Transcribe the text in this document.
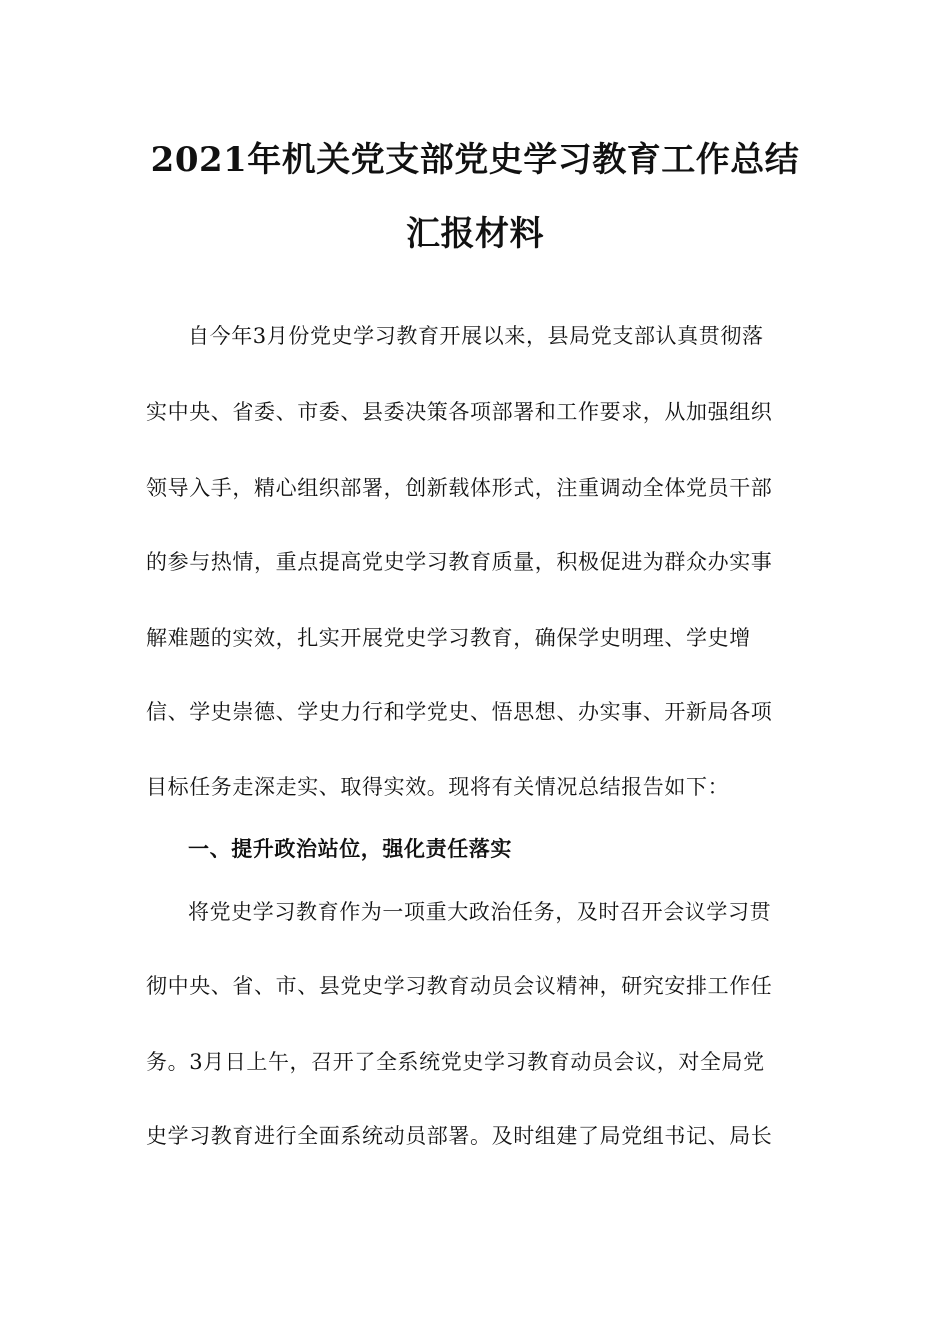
2021年机关党支部党史学习教育工作总结
汇报材料
自今年3月份党史学习教育开展以来，县局党支部认真贯彻落
实中央、省委、市委、县委决策各项部署和工作要求，从加强组织
领导入手，精心组织部署，创新载体形式，注重调动全体党员干部
的参与热情，重点提高党史学习教育质量，积极促进为群众办实事
解难题的实效，扎实开展党史学习教育，确保学史明理、学史增
信、学史崇德、学史力行和学党史、悟思想、办实事、开新局各项
目标任务走深走实、取得实效。现将有关情况总结报告如下：
一、提升政治站位，强化责任落实
将党史学习教育作为一项重大政治任务，及时召开会议学习贯
彻中央、省、市、县党史学习教育动员会议精神，研究安排工作任
务。3月日上午，召开了全系统党史学习教育动员会议，对全局党
史学习教育进行全面系统动员部署。及时组建了局党组书记、局长
